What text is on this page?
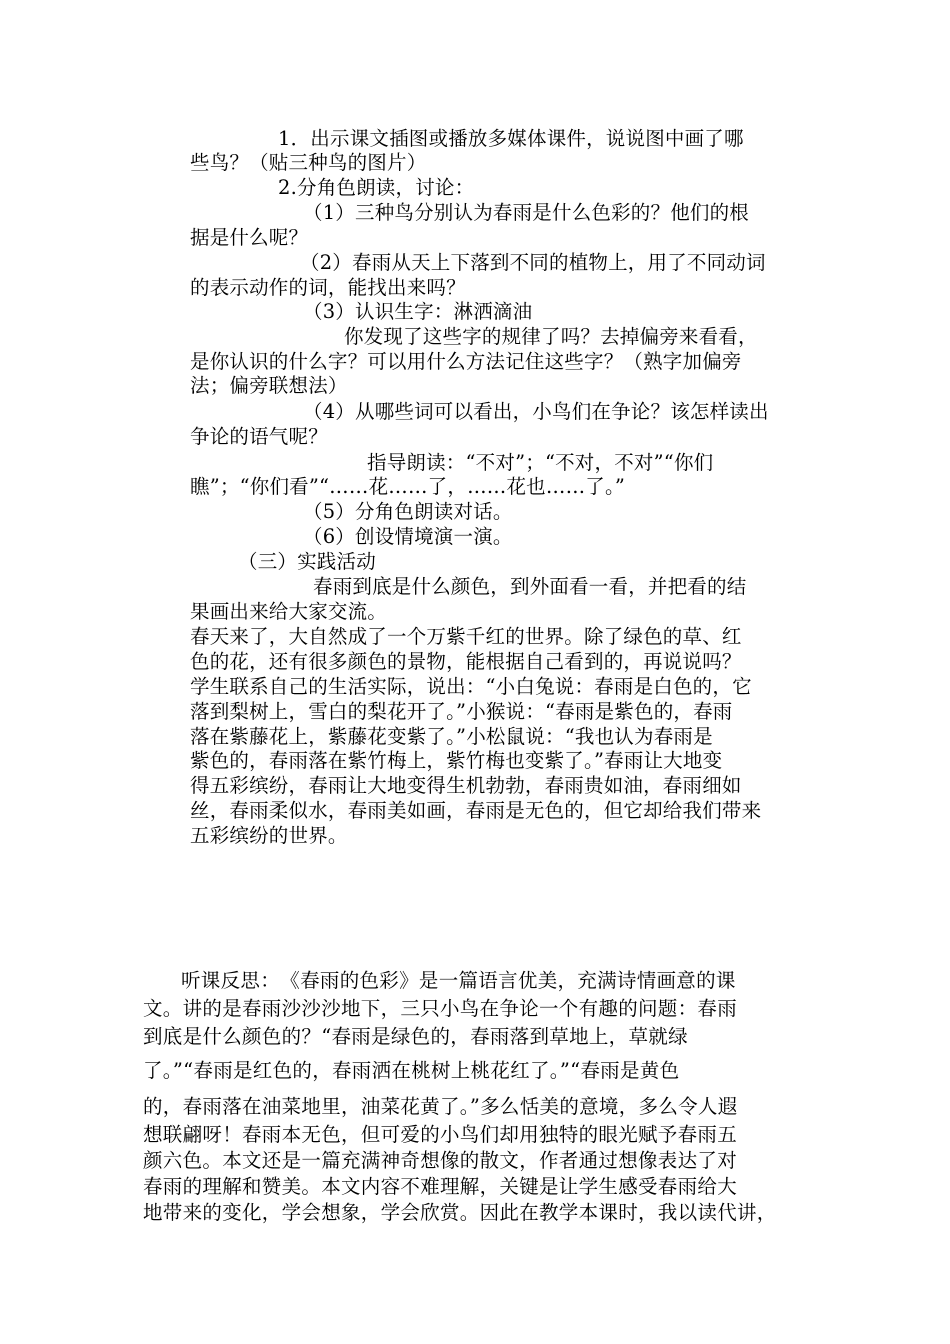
1．出示课文插图或播放多媒体课件，说说图中画了哪
些鸟？（贴三种鸟的图片）
2.分角色朗读，讨论：
（1）三种鸟分别认为春雨是什么色彩的？他们的根
据是什么呢？
（2）春雨从天上下落到不同的植物上，用了不同动词
的表示动作的词，能找出来吗？
（3）认识生字：淋洒滴油
你发现了这些字的规律了吗？去掉偏旁来看看，
是你认识的什么字？可以用什么方法记住这些字？（熟字加偏旁
法；偏旁联想法）
（4）从哪些词可以看出，小鸟们在争论？该怎样读出
争论的语气呢？
指导朗读：“不对”；“不对，不对”“你们
瞧”；“你们看”“……花……了，……花也……了。”
（5）分角色朗读对话。
（6）创设情境演一演。
（三）实践活动
春雨到底是什么颜色，到外面看一看，并把看的结
果画出来给大家交流。
春天来了，大自然成了一个万紫千红的世界。除了绿色的草、红
色的花，还有很多颜色的景物，能根据自己看到的，再说说吗？
学生联系自己的生活实际，说出：“小白兔说：春雨是白色的，它
落到梨树上，雪白的梨花开了。”小猴说：“春雨是紫色的，春雨
落在紫藤花上，紫藤花变紫了。”小松鼠说：“我也认为春雨是
紫色的，春雨落在紫竹梅上，紫竹梅也变紫了。”春雨让大地变
得五彩缤纷，春雨让大地变得生机勃勃，春雨贵如油，春雨细如
丝，春雨柔似水，春雨美如画，春雨是无色的，但它却给我们带来
五彩缤纷的世界。
听课反思：　《春雨的色彩》是一篇语言优美，充满诗情画意的课
文。讲的是春雨沙沙沙地下，三只小鸟在争论一个有趣的问题：春雨
到底是什么颜色的？“春雨是绿色的，春雨落到草地上，草就绿
了。”“春雨是红色的，春雨洒在桃树上桃花红了。”“春雨是黄色
的，春雨落在油菜地里，油菜花黄了。”多么恬美的意境，多么令人遐
想联翩呀！春雨本无色，但可爱的小鸟们却用独特的眼光赋予春雨五
颜六色。本文还是一篇充满神奇想像的散文，作者通过想像表达了对
春雨的理解和赞美。本文内容不难理解，关键是让学生感受春雨给大
地带来的变化，学会想象，学会欣赏。因此在教学本课时，我以读代讲，
